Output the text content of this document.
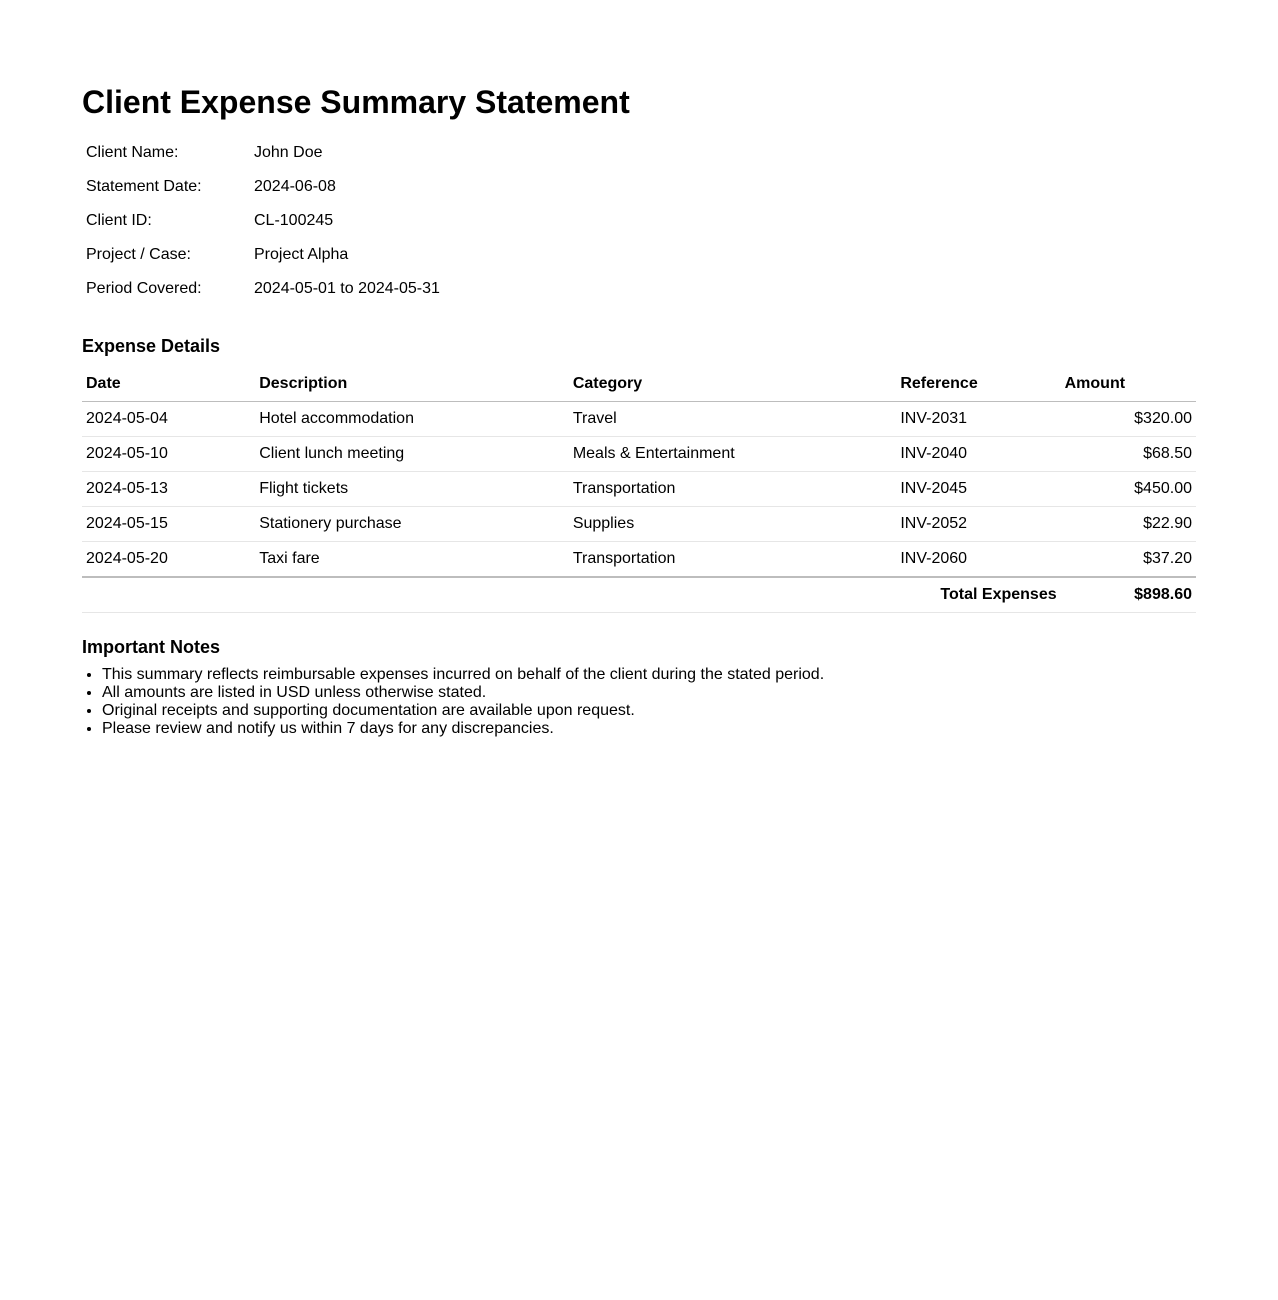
Client Expense Summary Statement
Client Name:	John Doe
Statement Date:	2024-06-08
Client ID:	CL-100245
Project / Case:	Project Alpha
Period Covered:	2024-05-01 to 2024-05-31
Expense Details
Date	Description	Category	Reference	Amount
2024-05-04	Hotel accommodation	Travel	INV-2031	$320.00
2024-05-10	Client lunch meeting	Meals & Entertainment	INV-2040	$68.50
2024-05-13	Flight tickets	Transportation	INV-2045	$450.00
2024-05-15	Stationery purchase	Supplies	INV-2052	$22.90
2024-05-20	Taxi fare	Transportation	INV-2060	$37.20
Total Expenses				$898.60
Important Notes
• This summary reflects reimbursable expenses incurred on behalf of the client during the stated period.
• All amounts are listed in USD unless otherwise stated.
• Original receipts and supporting documentation are available upon request.
• Please review and notify us within 7 days for any discrepancies.
